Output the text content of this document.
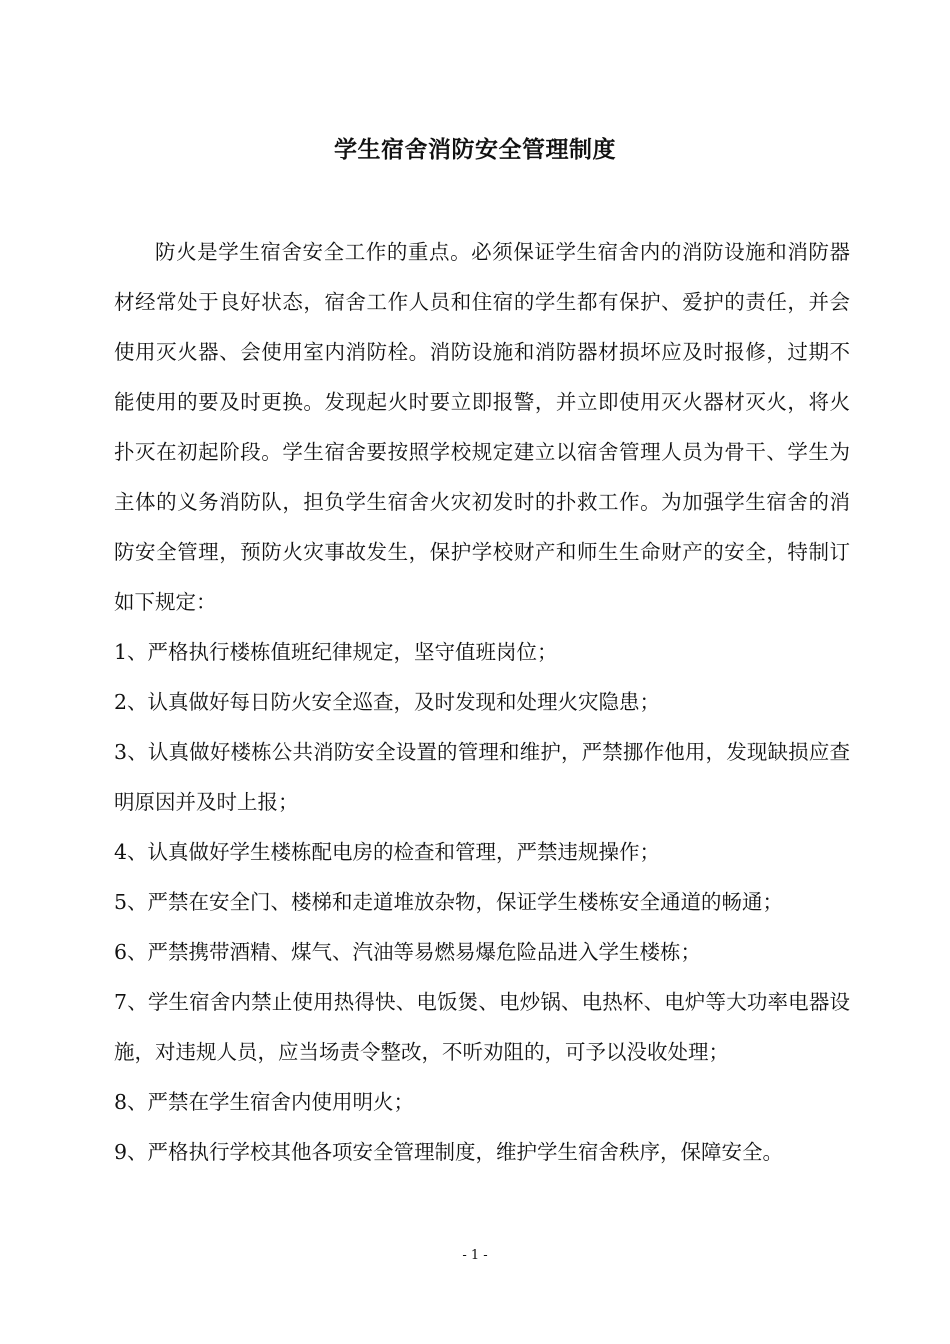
学生宿舍消防安全管理制度

防火是学生宿舍安全工作的重点。必须保证学生宿舍内的消防设施和消防器材经常处于良好状态，宿舍工作人员和住宿的学生都有保护、爱护的责任，并会使用灭火器、会使用室内消防栓。消防设施和消防器材损坏应及时报修，过期不能使用的要及时更换。发现起火时要立即报警，并立即使用灭火器材灭火，将火扑灭在初起阶段。学生宿舍要按照学校规定建立以宿舍管理人员为骨干、学生为主体的义务消防队，担负学生宿舍火灾初发时的扑救工作。为加强学生宿舍的消防安全管理，预防火灾事故发生，保护学校财产和师生生命财产的安全，特制订如下规定：

1、严格执行楼栋值班纪律规定，坚守值班岗位；

2、认真做好每日防火安全巡查，及时发现和处理火灾隐患；

3、认真做好楼栋公共消防安全设置的管理和维护，严禁挪作他用，发现缺损应查明原因并及时上报；

4、认真做好学生楼栋配电房的检查和管理，严禁违规操作；

5、严禁在安全门、楼梯和走道堆放杂物，保证学生楼栋安全通道的畅通；

6、严禁携带酒精、煤气、汽油等易燃易爆危险品进入学生楼栋；

7、学生宿舍内禁止使用热得快、电饭煲、电炒锅、电热杯、电炉等大功率电器设施，对违规人员，应当场责令整改，不听劝阻的，可予以没收处理；

8、严禁在学生宿舍内使用明火；

9、严格执行学校其他各项安全管理制度，维护学生宿舍秩序，保障安全。

- 1 -
